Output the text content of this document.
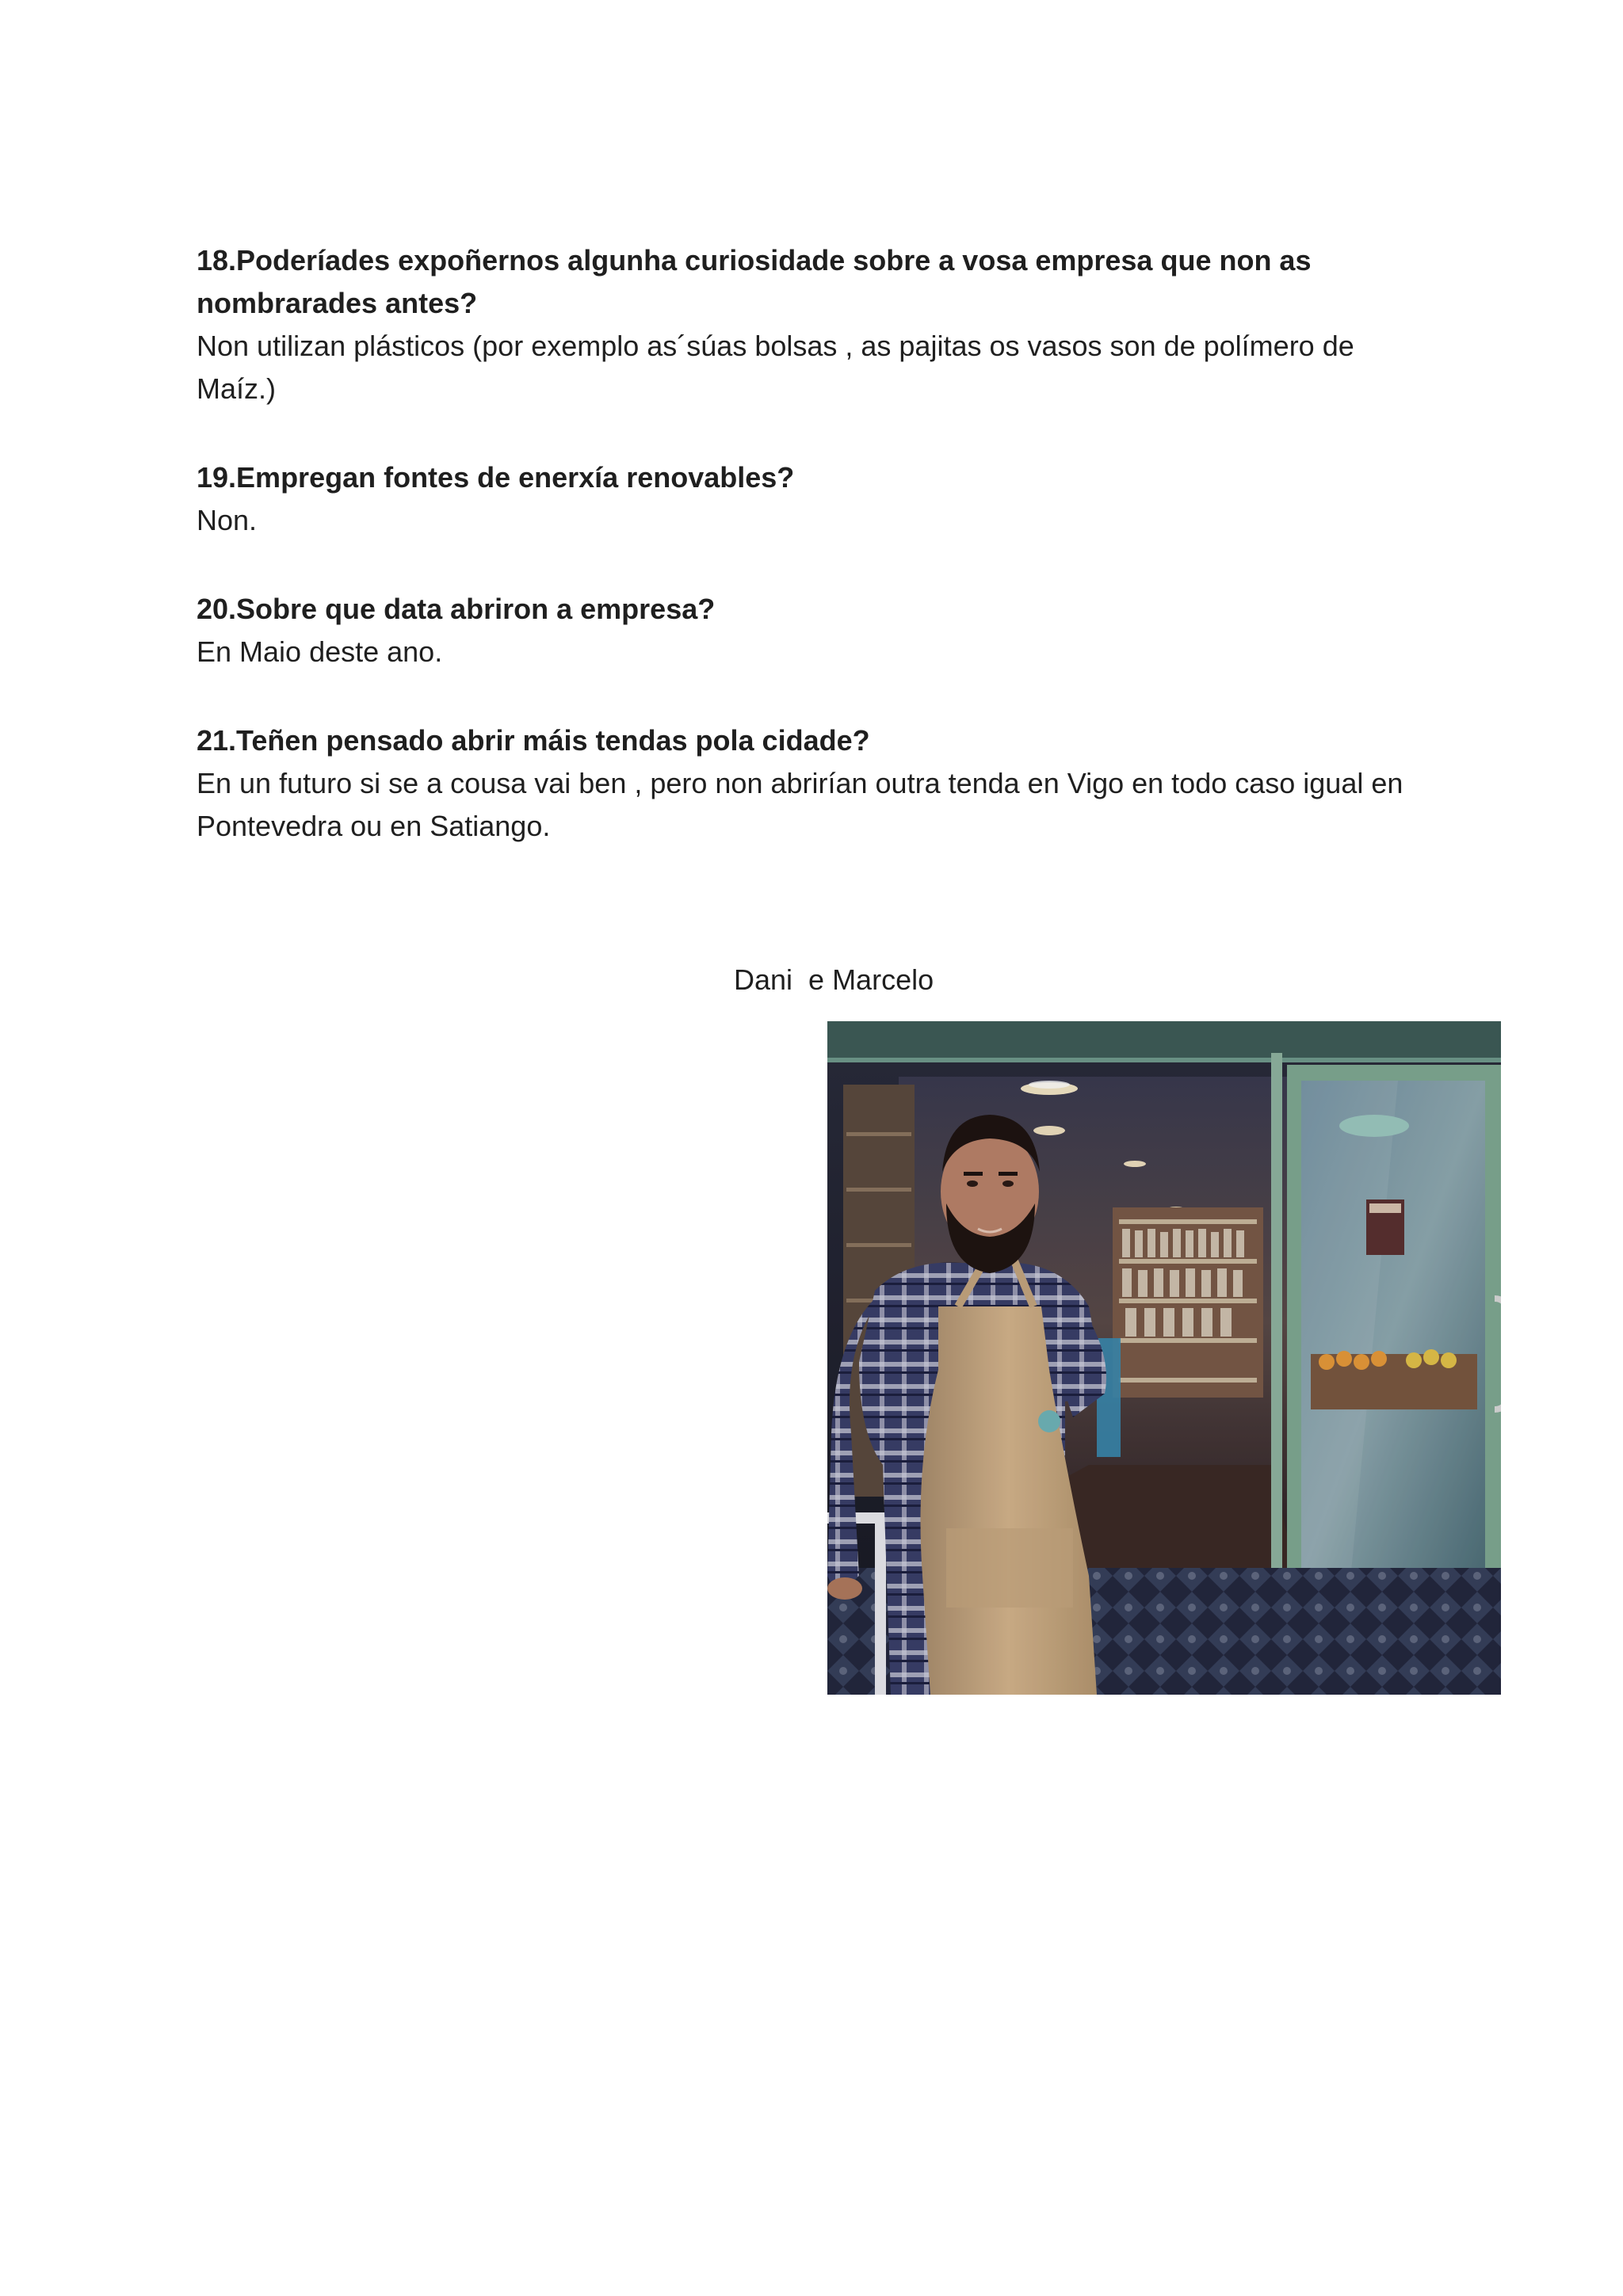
18.Poderíades expoñernos algunha curiosidade sobre a vosa empresa que non as nombrarades antes?

Non utilizan plásticos (por exemplo as´súas bolsas , as pajitas os vasos son de polímero de Maíz.)

19.Empregan fontes de enerxía renovables?

Non.

20.Sobre que data abriron a empresa?

En Maio deste ano.

21.Teñen pensado abrir máis tendas pola cidade?

En un futuro si se a cousa vai ben , pero non abrirían outra tenda en Vigo en todo caso igual en Pontevedra ou en Satiango.

Dani  e Marcelo
